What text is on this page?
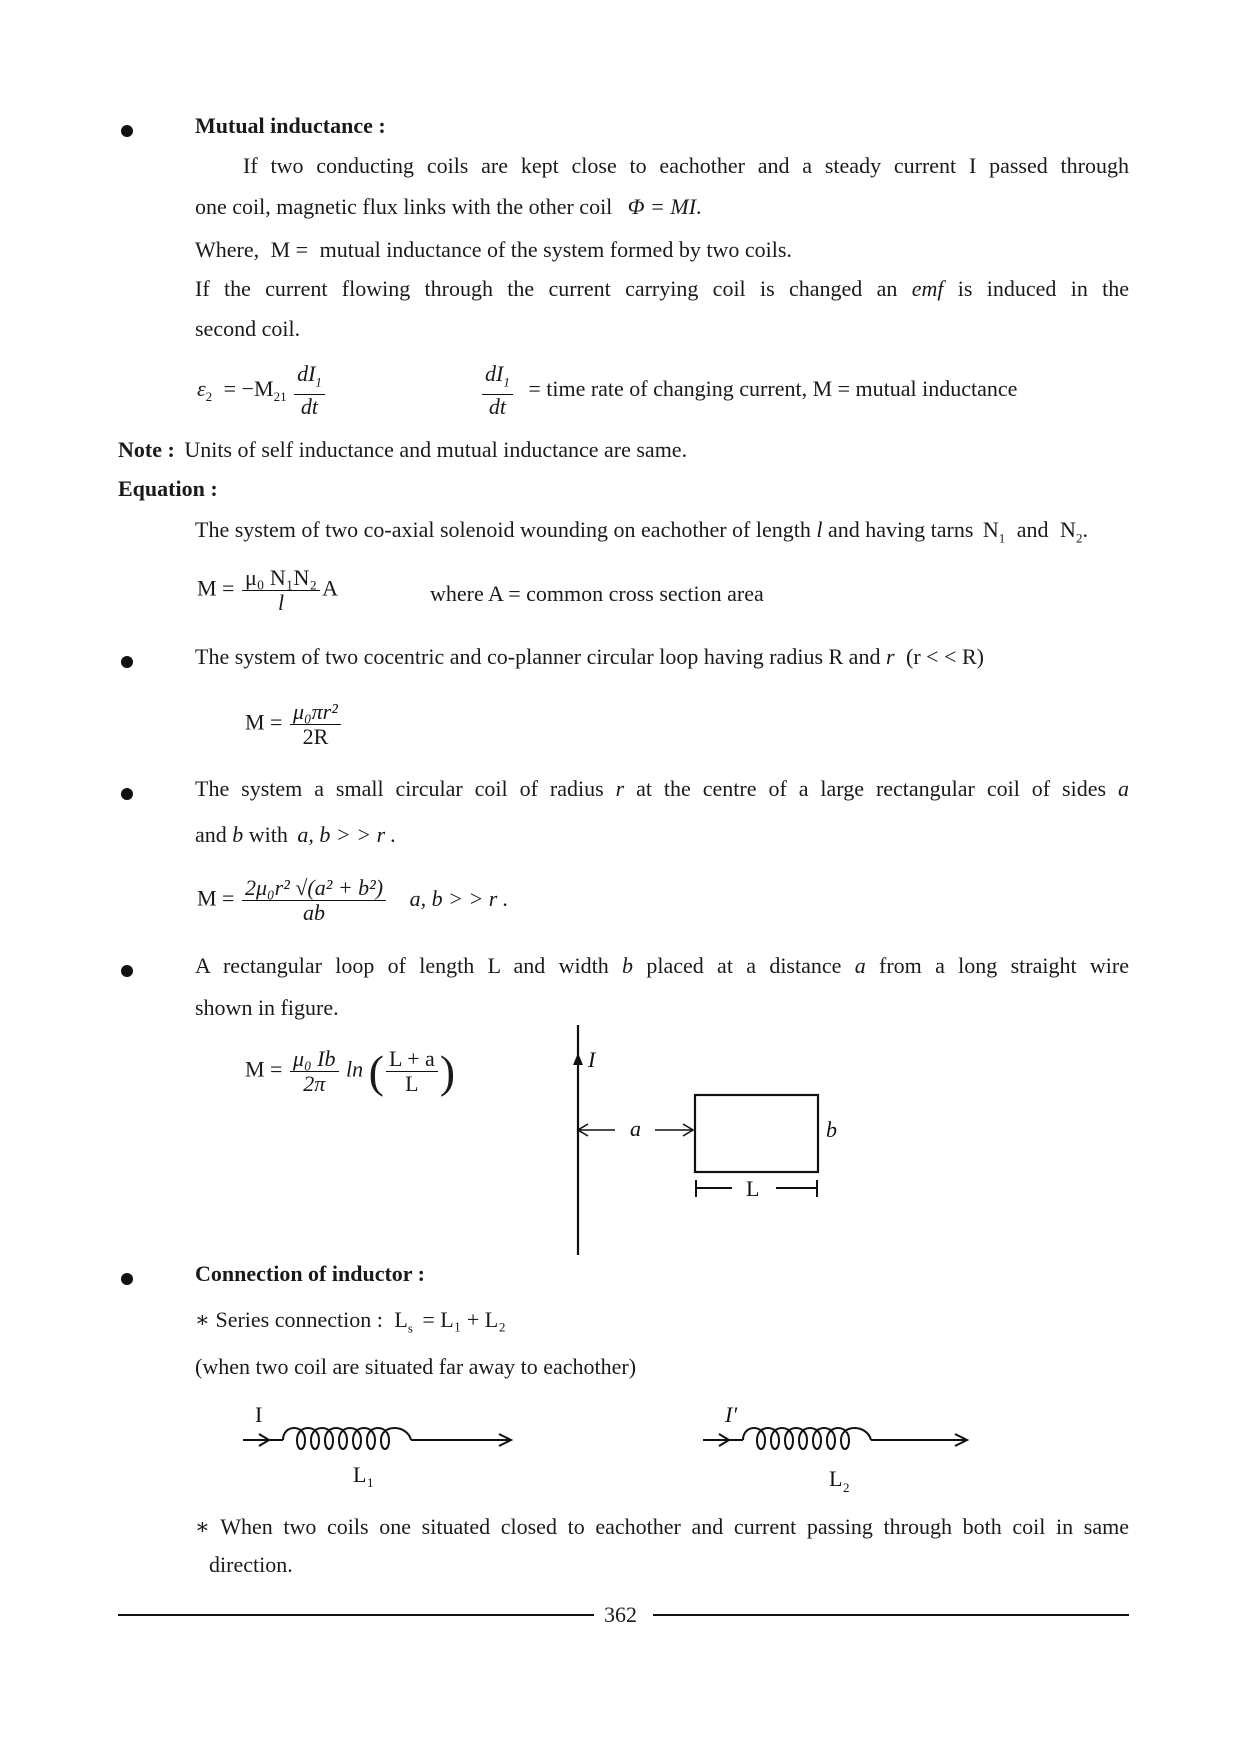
Mutual inductance :
If two conducting coils are kept close to eachother and a steady current I passed through
one coil, magnetic flux links with the other coil Φ = MI.
Where, M = mutual inductance of the system formed by two coils.
If the current flowing through the current carrying coil is changed an emf is induced in the
second coil.
$\varepsilon_2 = -M_{21} \frac{dI_1}{dt}$	$\frac{dI_1}{dt}$ = time rate of changing current, M = mutual inductance
Note : Units of self inductance and mutual inductance are same.
Equation :
The system of two co-axial solenoid wounding on eachother of length l and having tarns $N_1$ and $N_2$.
$M = \frac{\text{μ₀ N₁N₂}}{l}$ A	where A = common cross section area
The system of two cocentric and co-planner circular loop having radius R and r (r < < R)
$M = \frac{\text{μ₀πr²}}{2R}$
The system a small circular coil of radius r at the centre of a large rectangular coil of sides a
and b with a, b > > r .
$M = \frac{\text{2μ₀r² √(a² + b²)}}{ab} a$, b > > r .
A rectangular loop of length L and width b placed at a distance a from a long straight wire
shown in figure.
$M = \frac{\text{μ₀ Ib}}{2\pi}$ ln ( $\frac{L + a}{L}$ )	I
a	b
L
Connection of inductor :
∗ Series connection : $L_s = L_1 + L_2$
(when two coil are situated far away to eachother)
I
L 1
I′
L 2
∗ When two coils one situated closed to eachother and current passing through both coil in same
direction.
362
